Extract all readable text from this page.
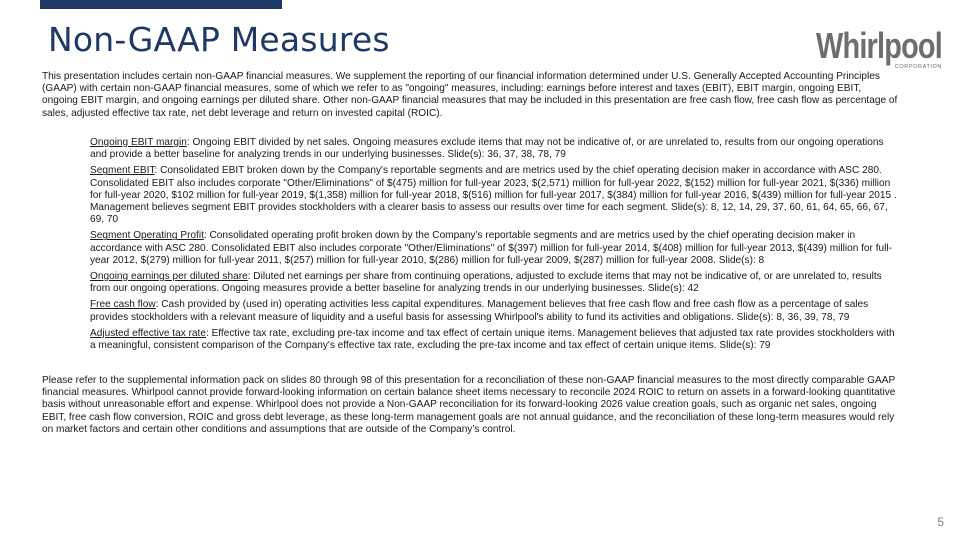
Non-GAAP Measures	Whirlpool
CORPORATION

This presentation includes certain non-GAAP financial measures. We supplement the reporting of our financial information determined under U.S. Generally Accepted Accounting Principles (GAAP) with certain non-GAAP financial measures, some of which we refer to as "ongoing" measures, including: earnings before interest and taxes (EBIT), EBIT margin, ongoing EBIT, ongoing EBIT margin, and ongoing earnings per diluted share. Other non-GAAP financial measures that may be included in this presentation are free cash flow, free cash flow as percentage of sales, adjusted effective tax rate, net debt leverage and return on invested capital (ROIC).

Ongoing EBIT margin: Ongoing EBIT divided by net sales. Ongoing measures exclude items that may not be indicative of, or are unrelated to, results from our ongoing operations and provide a better baseline for analyzing trends in our underlying businesses. Slide(s): 36, 37, 38, 78, 79
Segment EBIT: Consolidated EBIT broken down by the Company's reportable segments and are metrics used by the chief operating decision maker in accordance with ASC 280. Consolidated EBIT also includes corporate "Other/Eliminations" of $(475) million for full-year 2023, $(2,571) million for full-year 2022, $(152) million for full-year 2021, $(336) million for full-year 2020, $102 million for full-year 2019, $(1,358) million for full-year 2018, $(516) million for full-year 2017, $(384) million for full-year 2016, $(439) million for full-year 2015 . Management believes segment EBIT provides stockholders with a clearer basis to assess our results over time for each segment. Slide(s): 8, 12, 14, 29, 37, 60, 61, 64, 65, 66, 67, 69, 70
Segment Operating Profit: Consolidated operating profit broken down by the Company’s reportable segments and are metrics used by the chief operating decision maker in accordance with ASC 280. Consolidated EBIT also includes corporate "Other/Eliminations" of $(397) million for full-year 2014, $(408) million for full-year 2013, $(439) million for full-year 2012, $(279) million for full-year 2011, $(257) million for full-year 2010, $(286) million for full-year 2009, $(287) million for full-year 2008. Slide(s): 8
Ongoing earnings per diluted share: Diluted net earnings per share from continuing operations, adjusted to exclude items that may not be indicative of, or are unrelated to, results from our ongoing operations. Ongoing measures provide a better baseline for analyzing trends in our underlying businesses. Slide(s): 42
Free cash flow: Cash provided by (used in) operating activities less capital expenditures. Management believes that free cash flow and free cash flow as a percentage of sales provides stockholders with a relevant measure of liquidity and a useful basis for assessing Whirlpool's ability to fund its activities and obligations. Slide(s): 8, 36, 39, 78, 79
Adjusted effective tax rate: Effective tax rate, excluding pre-tax income and tax effect of certain unique items. Management believes that adjusted tax rate provides stockholders with a meaningful, consistent comparison of the Company's effective tax rate, excluding the pre-tax income and tax effect of certain unique items. Slide(s): 79

Please refer to the supplemental information pack on slides 80 through 98 of this presentation for a reconciliation of these non-GAAP financial measures to the most directly comparable GAAP financial measures. Whirlpool cannot provide forward-looking information on certain balance sheet items necessary to reconcile 2024 ROIC to return on assets in a forward-looking quantitative basis without unreasonable effort and expense. Whirlpool does not provide a Non-GAAP reconciliation for its forward-looking 2026 value creation goals, such as organic net sales, ongoing EBIT, free cash flow conversion, ROIC and gross debt leverage, as these long-term management goals are not annual guidance, and the reconciliation of these long-term measures would rely on market factors and certain other conditions and assumptions that are outside of the Company’s control.

5
